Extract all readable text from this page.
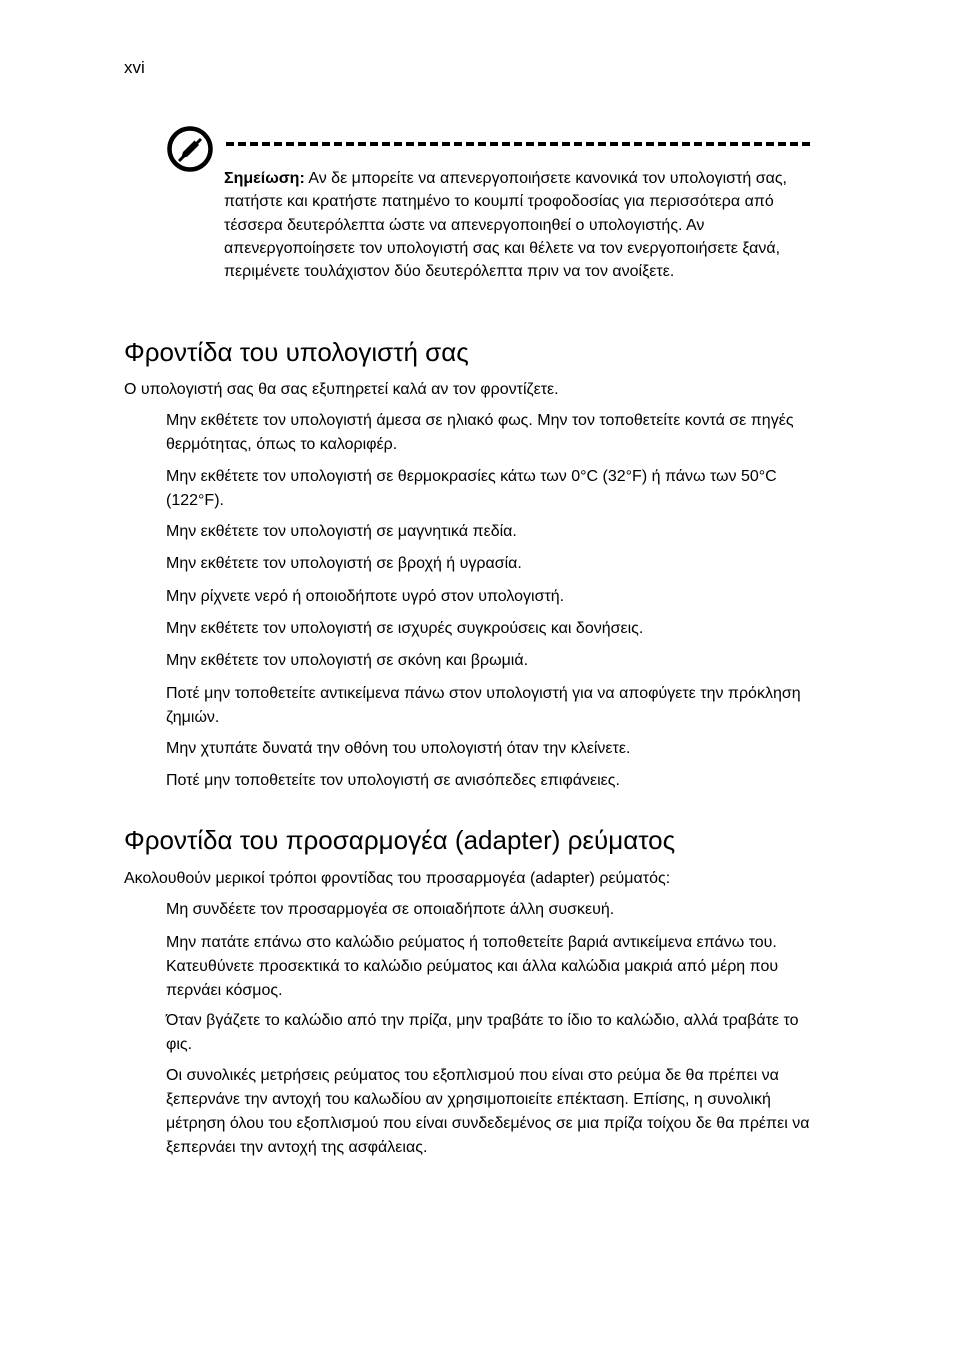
xvi
Σημείωση: Αν δε μπορείτε να απενεργοποιήσετε κανονικά τον υπολογιστή σας, πατήστε και κρατήστε πατημένο το κουμπί τροφοδοσίας για περισσότερα από τέσσερα δευτερόλεπτα ώστε να απενεργοποιηθεί ο υπολογιστής. Αν απενεργοποίησετε τον υπολογιστή σας και θέλετε να τον ενεργοποιήσετε ξανά, περιμένετε τουλάχιστον δύο δευτερόλεπτα πριν να τον ανοίξετε.
Φροντίδα του υπολογιστή σας

Ο υπολογιστή σας θα σας εξυπηρετεί καλά αν τον φροντίζετε.

Μην εκθέτετε τον υπολογιστή άμεσα σε ηλιακό φως. Μην τον τοποθετείτε κοντά σε πηγές θερμότητας, όπως το καλοριφέρ.
Μην εκθέτετε τον υπολογιστή σε θερμοκρασίες κάτω των 0°C (32°F) ή πάνω των 50°C (122°F).
Μην εκθέτετε τον υπολογιστή σε μαγνητικά πεδία.
Μην εκθέτετε τον υπολογιστή σε βροχή ή υγρασία.
Μην ρίχνετε νερό ή οποιοδήποτε υγρό στον υπολογιστή.
Μην εκθέτετε τον υπολογιστή σε ισχυρές συγκρούσεις και δονήσεις.
Μην εκθέτετε τον υπολογιστή σε σκόνη και βρωμιά.
Ποτέ μην τοποθετείτε αντικείμενα πάνω στον υπολογιστή για να αποφύγετε την πρόκληση ζημιών.
Μην χτυπάτε δυνατά την οθόνη του υπολογιστή όταν την κλείνετε.
Ποτέ μην τοποθετείτε τον υπολογιστή σε ανισόπεδες επιφάνειες.
Φροντίδα του προσαρμογέα (adapter) ρεύματος

Ακολουθούν μερικοί τρόποι φροντίδας του προσαρμογέα (adapter) ρεύματός:

Μη συνδέετε τον προσαρμογέα σε οποιαδήποτε άλλη συσκευή.
Μην πατάτε επάνω στο καλώδιο ρεύματος ή τοποθετείτε βαριά αντικείμενα επάνω του. Κατευθύνετε προσεκτικά το καλώδιο ρεύματος και άλλα καλώδια μακριά από μέρη που περνάει κόσμος.
Όταν βγάζετε το καλώδιο από την πρίζα, μην τραβάτε το ίδιο το καλώδιο, αλλά τραβάτε το φις.
Οι συνολικές μετρήσεις ρεύματος του εξοπλισμού που είναι στο ρεύμα δε θα πρέπει να ξεπερνάνε την αντοχή του καλωδίου αν χρησιμοποιείτε επέκταση. Επίσης, η συνολική μέτρηση όλου του εξοπλισμού που είναι συνδεδεμένος σε μια πρίζα τοίχου δε θα πρέπει να ξεπερνάει την αντοχή της ασφάλειας.
